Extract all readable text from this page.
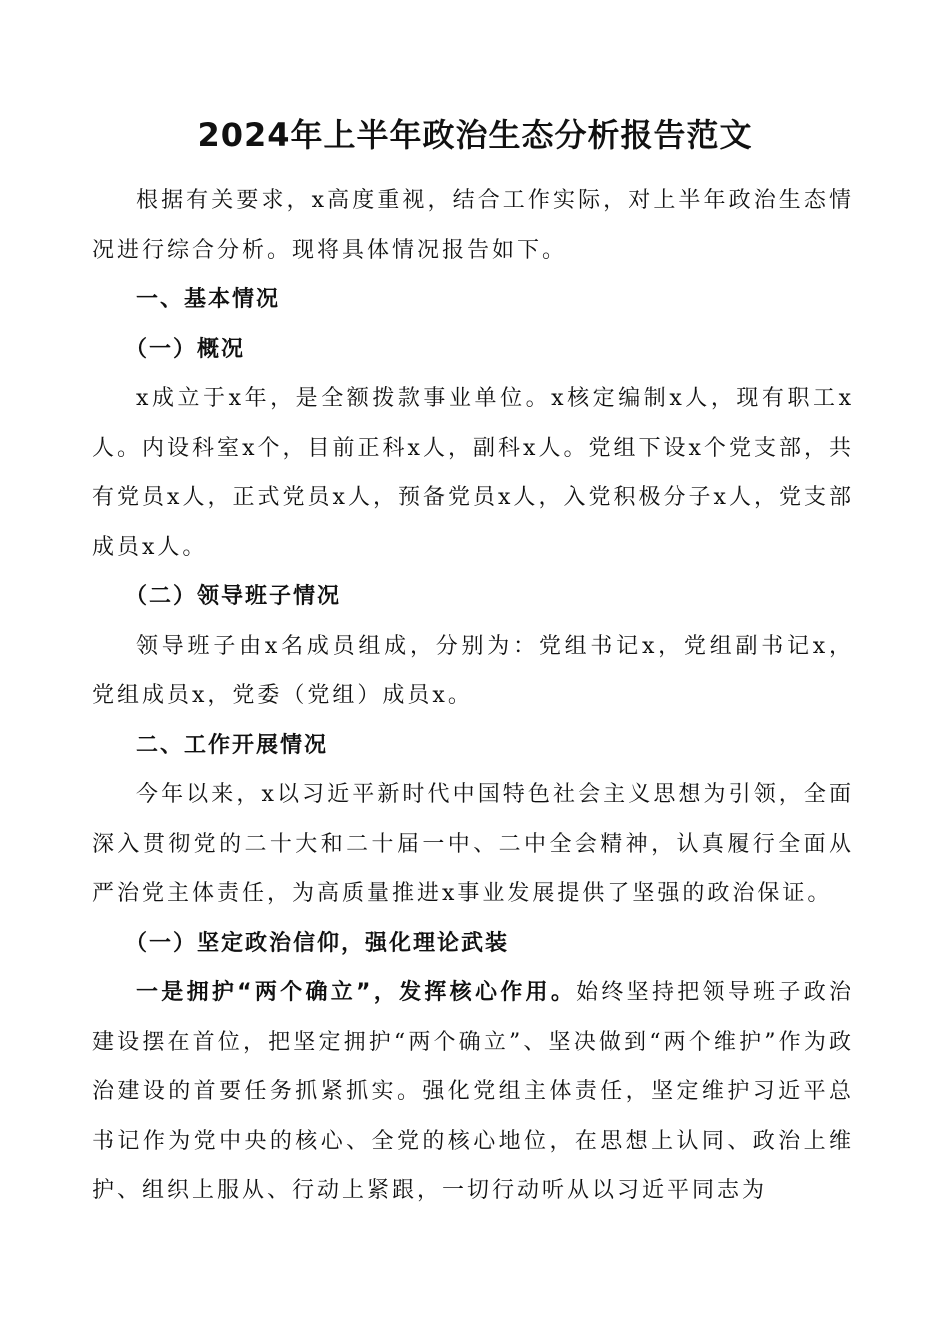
2024年上半年政治生态分析报告范文

根据有关要求，x高度重视，结合工作实际，对上半年政治生态情况进行综合分析。现将具体情况报告如下。

一、基本情况

（一）概况

x成立于x年，是全额拨款事业单位。x核定编制x人，现有职工x人。内设科室x个，目前正科x人，副科x人。党组下设x个党支部，共有党员x人，正式党员x人，预备党员x人，入党积极分子x人，党支部成员x人。

（二）领导班子情况

领导班子由x名成员组成，分别为：党组书记x，党组副书记x，党组成员x，党委（党组）成员x。

二、工作开展情况

今年以来，x以习近平新时代中国特色社会主义思想为引领，全面深入贯彻党的二十大和二十届一中、二中全会精神，认真履行全面从严治党主体责任，为高质量推进x事业发展提供了坚强的政治保证。

（一）坚定政治信仰，强化理论武装

一是拥护“两个确立”，发挥核心作用。始终坚持把领导班子政治建设摆在首位，把坚定拥护“两个确立”、坚决做到“两个维护”作为政治建设的首要任务抓紧抓实。强化党组主体责任，坚定维护习近平总书记作为党中央的核心、全党的核心地位，在思想上认同、政治上维护、组织上服从、行动上紧跟，一切行动听从以习近平同志为
